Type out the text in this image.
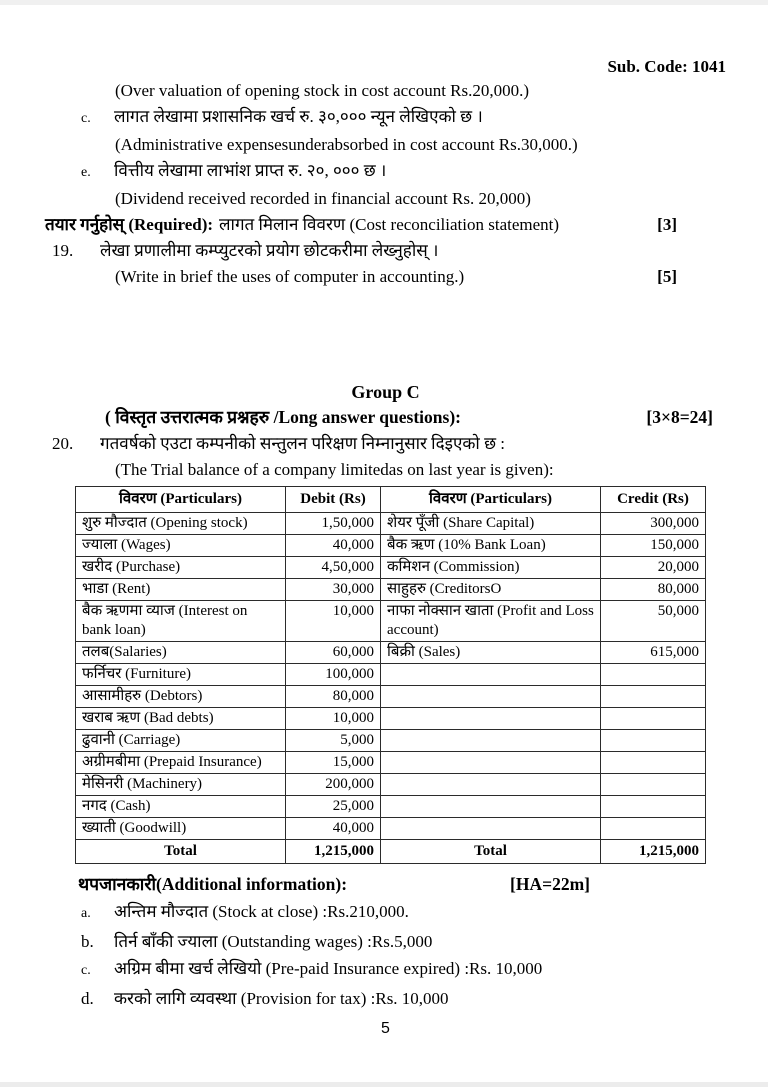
Sub. Code: 1041
(Over valuation of opening stock in cost account Rs.20,000.)
c.	लागत लेखामा प्रशासनिक खर्च रु. ३०,००० न्यून लेखिएको छ ।
(Administrative expensesunderabsorbed in cost account Rs.30,000.)
e.	वित्तीय लेखामा लाभांश प्राप्त रु. २०, ००० छ ।
(Dividend received recorded in financial account Rs. 20,000)
तयार गर्नुहोस् (Required): लागत मिलान विवरण (Cost reconciliation statement)	[3]
19.	लेखा प्रणालीमा कम्प्युटरको प्रयोग छोटकरीमा लेख्नुहोस् ।
(Write in brief the uses of computer in accounting.)	[5]
Group C
( विस्तृत उत्तरात्मक प्रश्नहरु /Long answer questions):	[3×8=24]
20.	गतवर्षको एउटा कम्पनीको सन्तुलन परिक्षण निम्नानुसार दिइएको छ :
(The Trial balance of a company limitedas on last year is given):
विवरण (Particulars)	Debit (Rs)	विवरण (Particulars)	Credit (Rs)
शुरु मौज्दात (Opening stock)	1,50,000	शेयर पूँजी (Share Capital)	300,000
ज्याला (Wages)	40,000	बैक ऋण (10% Bank Loan)	150,000
खरीद (Purchase)	4,50,000	कमिशन (Commission)	20,000
भाडा (Rent)	30,000	साहुहरु (CreditorsO	80,000
बैक ऋणमा व्याज (Interest on bank loan)	10,000	नाफा नोक्सान खाता (Profit and Loss account)	50,000
तलब(Salaries)	60,000	बिक्री (Sales)	615,000
फर्निचर (Furniture)	100,000		
आसामीहरु (Debtors)	80,000		
खराब ऋण (Bad debts)	10,000		
ढुवानी (Carriage)	5,000		
अग्रीमबीमा (Prepaid Insurance)	15,000		
मेसिनरी (Machinery)	200,000		
नगद (Cash)	25,000		
ख्याती (Goodwill)	40,000		
Total	1,215,000	Total	1,215,000
थपजानकारी(Additional information):	[HA=22m]
a.	अन्तिम मौज्दात (Stock at close) :Rs.210,000.
b.	तिर्न बाँकी ज्याला (Outstanding wages) :Rs.5,000
c.	अग्रिम बीमा खर्च लेखियो (Pre-paid Insurance expired) :Rs. 10,000
d.	करको लागि व्यवस्था (Provision for tax) :Rs. 10,000
5
